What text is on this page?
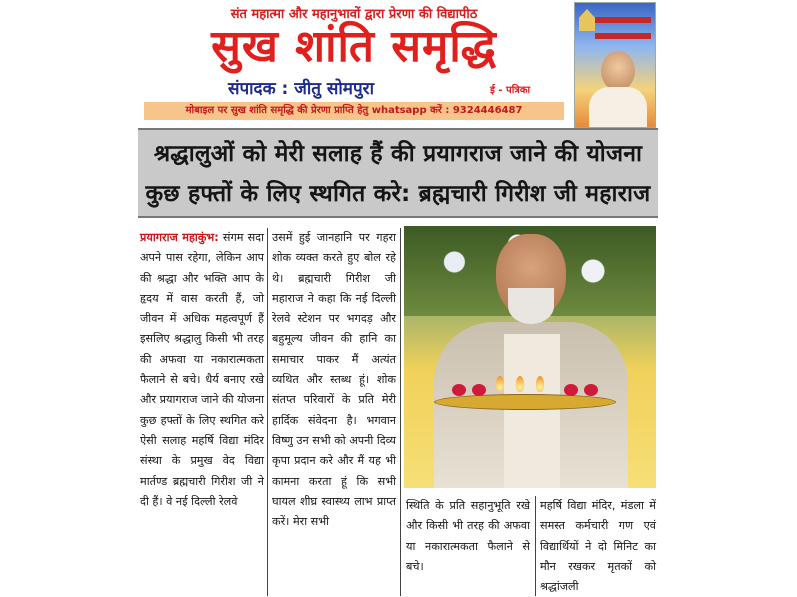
संत महात्मा और महानुभावों द्वारा प्रेरणा की विद्यापीठ
सुख शांति समृद्धि
संपादक : जीतु सोमपुरा	ई - पत्रिका
मोबाइल पर सुख शांति समृद्धि की प्रेरणा प्राप्ति हेतु whatsapp करें : 9324446487
श्रद्धालुओं को मेरी सलाह हैं की प्रयागराज जाने की योजना
कुछ हफ्तों के लिए स्थगित करे: ब्रह्मचारी गिरीश जी महाराज
प्रयागराज महाकुंभ: संगम सदा अपने पास रहेगा, लेकिन आप की श्रद्धा और भक्ति आप के हृदय में वास करती हैं, जो जीवन में अधिक महत्वपूर्ण हैं इसलिए श्रद्धालु किसी भी तरह की अफवा या नकारात्मकता फैलाने से बचे। धैर्य बनाए रखे और प्रयागराज जाने की योजना कुछ हफ्तों के लिए स्थगित करे ऐसी सलाह महर्षि विद्या मंदिर संस्था के प्रमुख वेद विद्या मार्तण्ड ब्रह्मचारी गिरीश जी ने दी हैं। वे नई दिल्ली रेलवे
उसमें हुई जानहानि पर गहरा शोक व्यक्त करते हुए बोल रहे थे। ब्रह्मचारी गिरीश जी महाराज ने कहा कि नई दिल्ली रेलवे स्टेशन पर भगदड़ और बहुमूल्य जीवन की हानि का समाचार पाकर मैं अत्यंत व्यथित और स्तब्ध हूं। शोक संतप्त परिवारों के प्रति मेरी हार्दिक संवेदना है। भगवान विष्णु उन सभी को अपनी दिव्य कृपा प्रदान करे और मैं यह भी कामना करता हूं कि सभी घायल शीघ्र स्वास्थ्य लाभ प्राप्त करें। मेरा सभी
स्थिति के प्रति सहानुभूति रखे और किसी भी तरह की अफवा या नकारात्मकता फैलाने से बचे।
महर्षि विद्या मंदिर, मंडला में समस्त कर्मचारी गण एवं विद्यार्थियों ने दो मिनिट का मौन रखकर मृतकों को श्रद्धांजली
